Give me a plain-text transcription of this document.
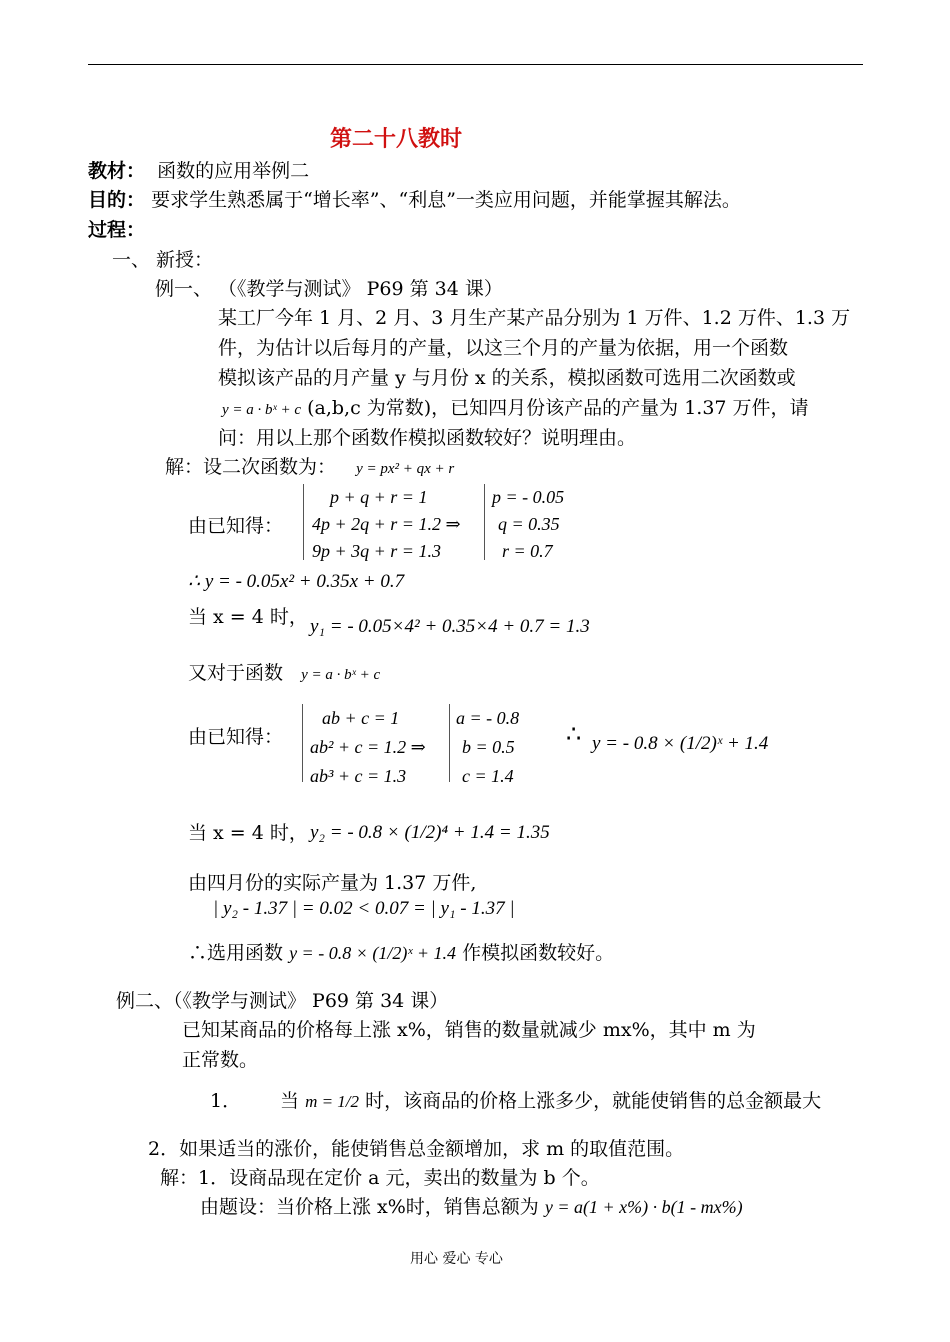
第二十八教时
教材： 函数的应用举例二
目的： 要求学生熟悉属于“增长率”、“利息”一类应用问题，并能掌握其解法。
过程：
一、 新授：
例一、 （《教学与测试》 P69 第 34 课）
某工厂今年 1 月、2 月、3 月生产某产品分别为 1 万件、1.2 万件、1.3 万
件，为估计以后每月的产量，以这三个月的产量为依据，用一个函数
模拟该产品的月产量 y 与月份 x 的关系，模拟函数可选用二次函数或
y = a · bˣ + c (a,b,c 为常数)，已知四月份该产品的产量为 1.37 万件，请
问：用以上那个函数作模拟函数较好？说明理由。
解：设二次函数为： y = px² + qx + r
由已知得：
p + q + r = 1
4p + 2q + r = 1.2 ⇒
9p + 3q + r = 1.3
p = - 0.05
q = 0.35
r = 0.7
∴ y = - 0.05x² + 0.35x + 0.7
当 x = 4 时， y₁ = - 0.05×4² + 0.35×4 + 0.7 = 1.3
又对于函数 y = a · bˣ + c
由已知得：
ab + c = 1
ab² + c = 1.2 ⇒
ab³ + c = 1.3
a = - 0.8
b = 0.5
c = 1.4
∴ y = - 0.8 × (1/2)ˣ + 1.4
当 x = 4 时， y₂ = - 0.8 × (1/2)⁴ + 1.4 = 1.35
由四月份的实际产量为 1.37 万件,
| y₂ - 1.37 | = 0.02 < 0.07 = | y₁ - 1.37 |
∴选用函数 y = - 0.8 × (1/2)ˣ + 1.4 作模拟函数较好。
例二、（《教学与测试》 P69 第 34 课）
已知某商品的价格每上涨 x%，销售的数量就减少 mx%，其中 m 为
正常数。
1． 当 m = 1/2 时，该商品的价格上涨多少，就能使销售的总金额最大
2．如果适当的涨价，能使销售总金额增加，求 m 的取值范围。
解：1．设商品现在定价 a 元，卖出的数量为 b 个。
由题设：当价格上涨 x%时，销售总额为 y = a(1 + x%) · b(1 - mx%)
用心 爱心 专心
